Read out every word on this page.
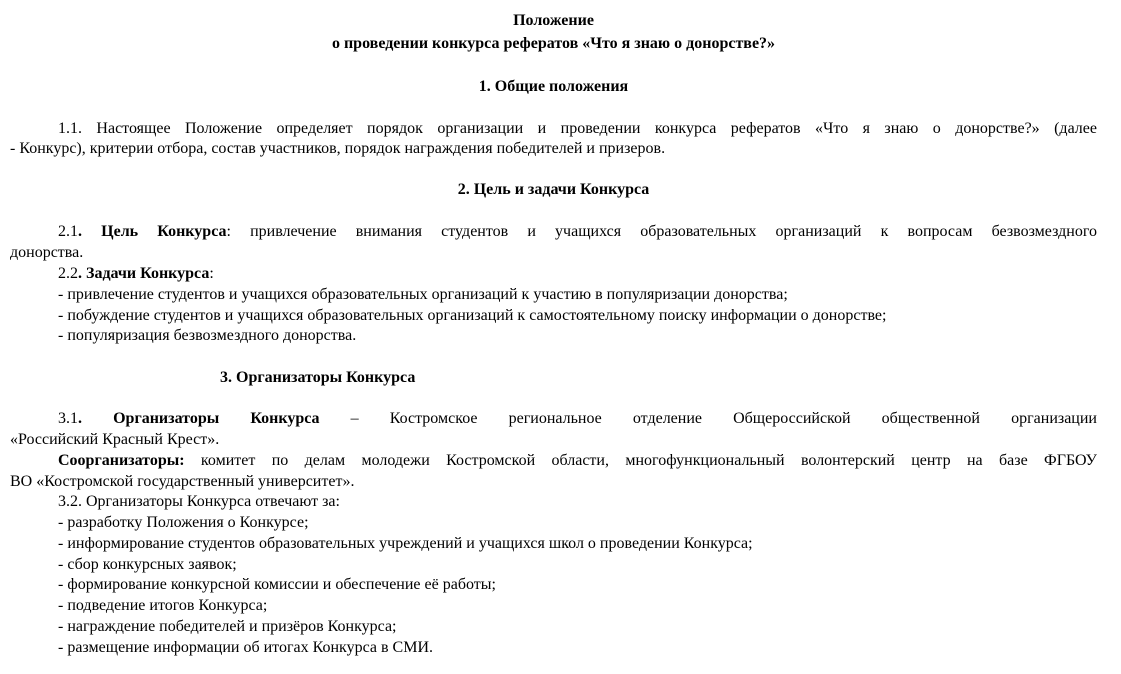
Положение
о проведении конкурса рефератов «Что я знаю о донорстве?»
1. Общие положения
1.1. Настоящее Положение определяет порядок организации и проведении конкурса рефератов «Что я знаю о донорстве?» (далее
- Конкурс), критерии отбора, состав участников, порядок награждения победителей и призеров.
2. Цель и задачи Конкурса
2.1. Цель Конкурса: привлечение внимания студентов и учащихся образовательных организаций к вопросам безвозмездного
донорства.
2.2. Задачи Конкурса:
- привлечение студентов и учащихся образовательных организаций к участию в популяризации донорства;
- побуждение студентов и учащихся образовательных организаций к самостоятельному поиску информации о донорстве;
- популяризация безвозмездного донорства.
3. Организаторы Конкурса
3.1. Организаторы Конкурса – Костромское региональное отделение Общероссийской общественной организации
«Российский Красный Крест».
Соорганизаторы: комитет по делам молодежи Костромской области, многофункциональный волонтерский центр на базе ФГБОУ
ВО «Костромской государственный университет».
3.2. Организаторы Конкурса отвечают за:
- разработку Положения о Конкурсе;
- информирование студентов образовательных учреждений и учащихся школ о проведении Конкурса;
- сбор конкурсных заявок;
- формирование конкурсной комиссии и обеспечение её работы;
- подведение итогов Конкурса;
- награждение победителей и призёров Конкурса;
- размещение информации об итогах Конкурса в СМИ.
